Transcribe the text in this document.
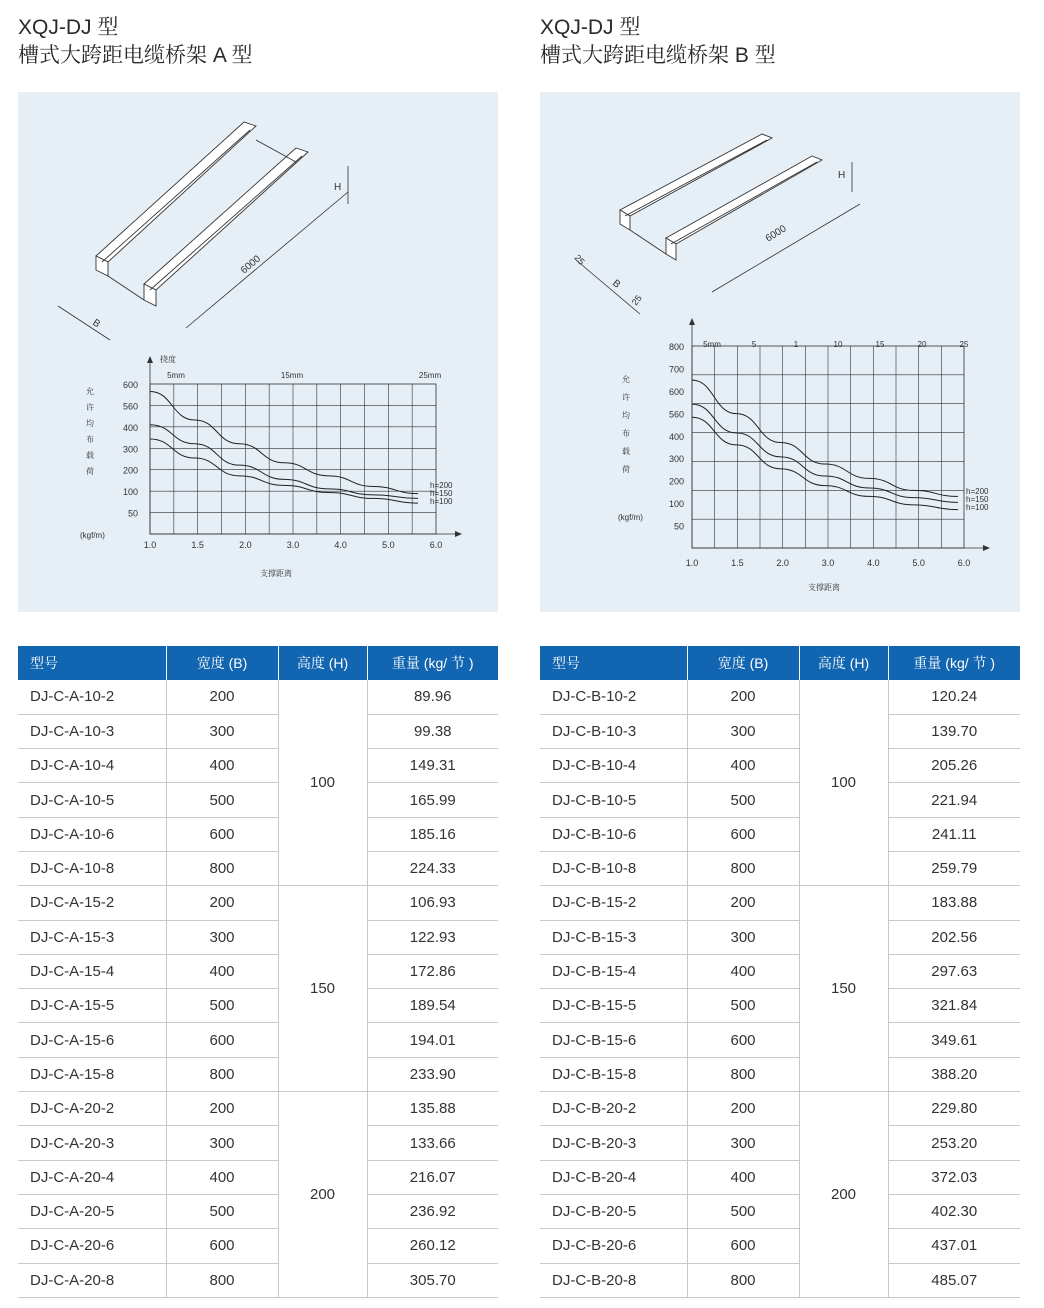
XQJ-DJ 型
槽式大跨距电缆桥架 A 型
6000
B
H
挠度
5mm	15mm	25mm
600
560
400
300
200
100
50
1.0	1.5	2.0	3.0	4.0	5.0	6.0
允
许
均
布
载
荷
(kgf/m)
支撑距离
h=200
h=150
h=100
型号	宽度 (B)	高度 (H)	重量 (kg/ 节 )
DJ-C-A-10-2	200	100	89.96
DJ-C-A-10-3	300		99.38
DJ-C-A-10-4	400		149.31
DJ-C-A-10-5	500		165.99
DJ-C-A-10-6	600		185.16
DJ-C-A-10-8	800		224.33
DJ-C-A-15-2	200	150	106.93
DJ-C-A-15-3	300		122.93
DJ-C-A-15-4	400		172.86
DJ-C-A-15-5	500		189.54
DJ-C-A-15-6	600		194.01
DJ-C-A-15-8	800		233.90
DJ-C-A-20-2	200	200	135.88
DJ-C-A-20-3	300		133.66
DJ-C-A-20-4	400		216.07
DJ-C-A-20-5	500		236.92
DJ-C-A-20-6	600		260.12
DJ-C-A-20-8	800		305.70
XQJ-DJ 型
槽式大跨距电缆桥架 B 型
6000
B
H
25
25
5mm	5	1	10	15	20	25
800
700
600
560
400
300
200
100
50
1.0	1.5	2.0	3.0	4.0	5.0	6.0
允
许
均
布
载
荷
(kgf/m)
支撑距离
h=200
h=150
h=100
型号	宽度 (B)	高度 (H)	重量 (kg/ 节 )
DJ-C-B-10-2	200	100	120.24
DJ-C-B-10-3	300		139.70
DJ-C-B-10-4	400		205.26
DJ-C-B-10-5	500		221.94
DJ-C-B-10-6	600		241.11
DJ-C-B-10-8	800		259.79
DJ-C-B-15-2	200	150	183.88
DJ-C-B-15-3	300		202.56
DJ-C-B-15-4	400		297.63
DJ-C-B-15-5	500		321.84
DJ-C-B-15-6	600		349.61
DJ-C-B-15-8	800		388.20
DJ-C-B-20-2	200	200	229.80
DJ-C-B-20-3	300		253.20
DJ-C-B-20-4	400		372.03
DJ-C-B-20-5	500		402.30
DJ-C-B-20-6	600		437.01
DJ-C-B-20-8	800		485.07
